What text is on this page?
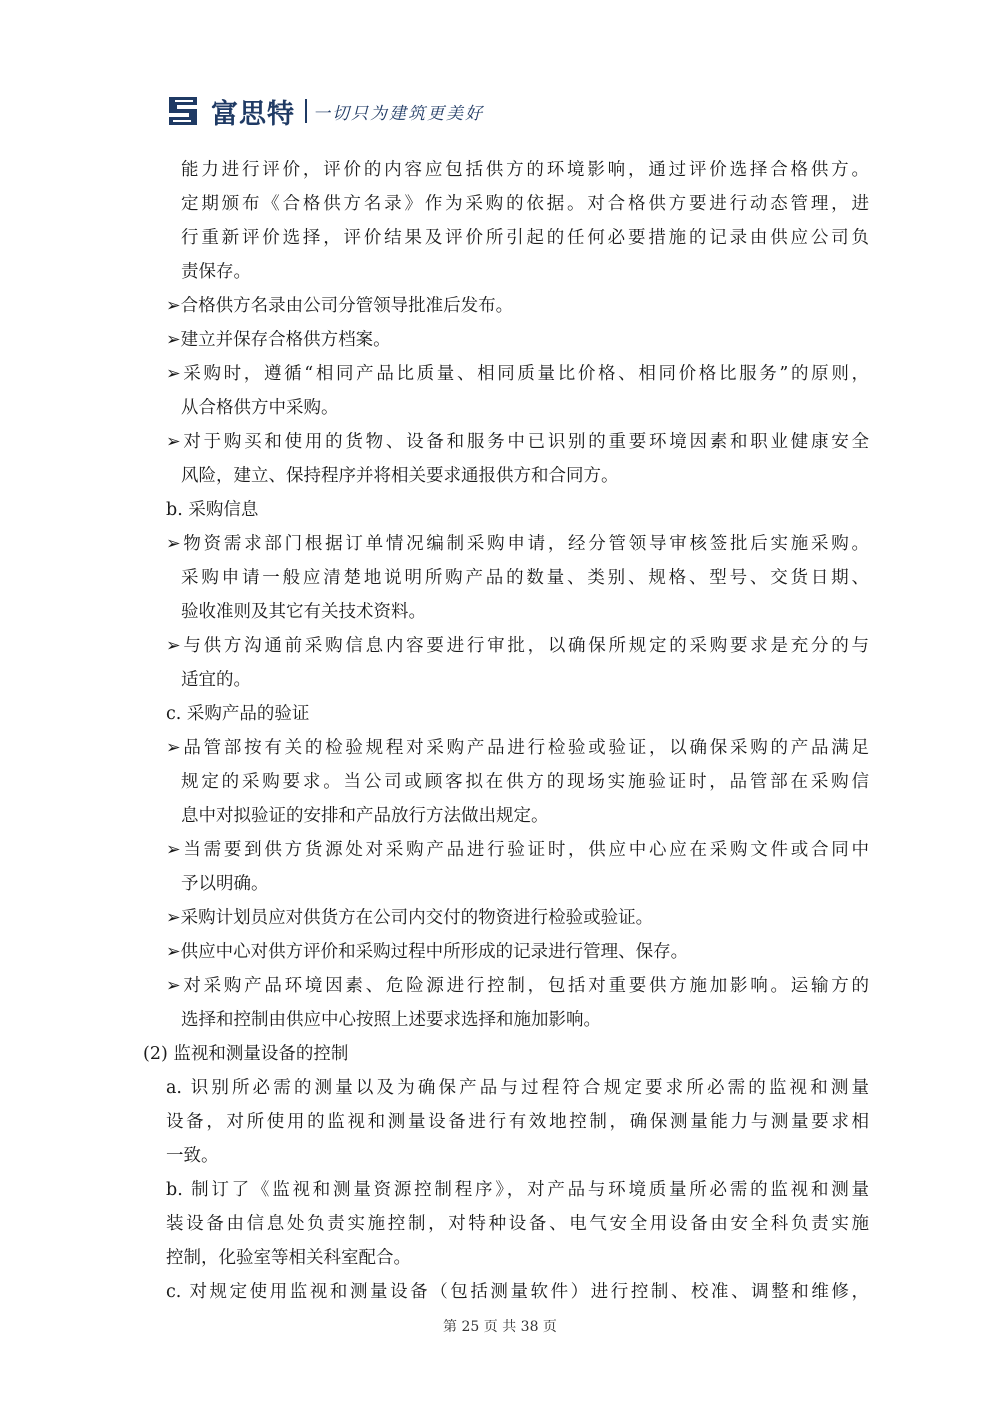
富思特 一切只为建筑更美好
能力进行评价，评价的内容应包括供方的环境影响，通过评价选择合格供方。
定期颁布《合格供方名录》作为采购的依据。对合格供方要进行动态管理，进
行重新评价选择，评价结果及评价所引起的任何必要措施的记录由供应公司负
责保存。
➢合格供方名录由公司分管领导批准后发布。
➢建立并保存合格供方档案。
➢采购时，遵循“相同产品比质量、相同质量比价格、相同价格比服务”的原则，
从合格供方中采购。
➢对于购买和使用的货物、设备和服务中已识别的重要环境因素和职业健康安全
风险，建立、保持程序并将相关要求通报供方和合同方。
b. 采购信息
➢物资需求部门根据订单情况编制采购申请，经分管领导审核签批后实施采购。
采购申请一般应清楚地说明所购产品的数量、类别、规格、型号、交货日期、
验收准则及其它有关技术资料。
➢与供方沟通前采购信息内容要进行审批，以确保所规定的采购要求是充分的与
适宜的。
c. 采购产品的验证
➢品管部按有关的检验规程对采购产品进行检验或验证，以确保采购的产品满足
规定的采购要求。当公司或顾客拟在供方的现场实施验证时，品管部在采购信
息中对拟验证的安排和产品放行方法做出规定。
➢当需要到供方货源处对采购产品进行验证时，供应中心应在采购文件或合同中
予以明确。
➢采购计划员应对供货方在公司内交付的物资进行检验或验证。
➢供应中心对供方评价和采购过程中所形成的记录进行管理、保存。
➢对采购产品环境因素、危险源进行控制，包括对重要供方施加影响。运输方的
选择和控制由供应中心按照上述要求选择和施加影响。
(2) 监视和测量设备的控制
a. 识别所必需的测量以及为确保产品与过程符合规定要求所必需的监视和测量
设备，对所使用的监视和测量设备进行有效地控制，确保测量能力与测量要求相
一致。
b. 制订了《监视和测量资源控制程序》，对产品与环境质量所必需的监视和测量
装设备由信息处负责实施控制，对特种设备、电气安全用设备由安全科负责实施
控制，化验室等相关科室配合。
c. 对规定使用监视和测量设备（包括测量软件）进行控制、校准、调整和维修，
第 25 页 共 38 页
